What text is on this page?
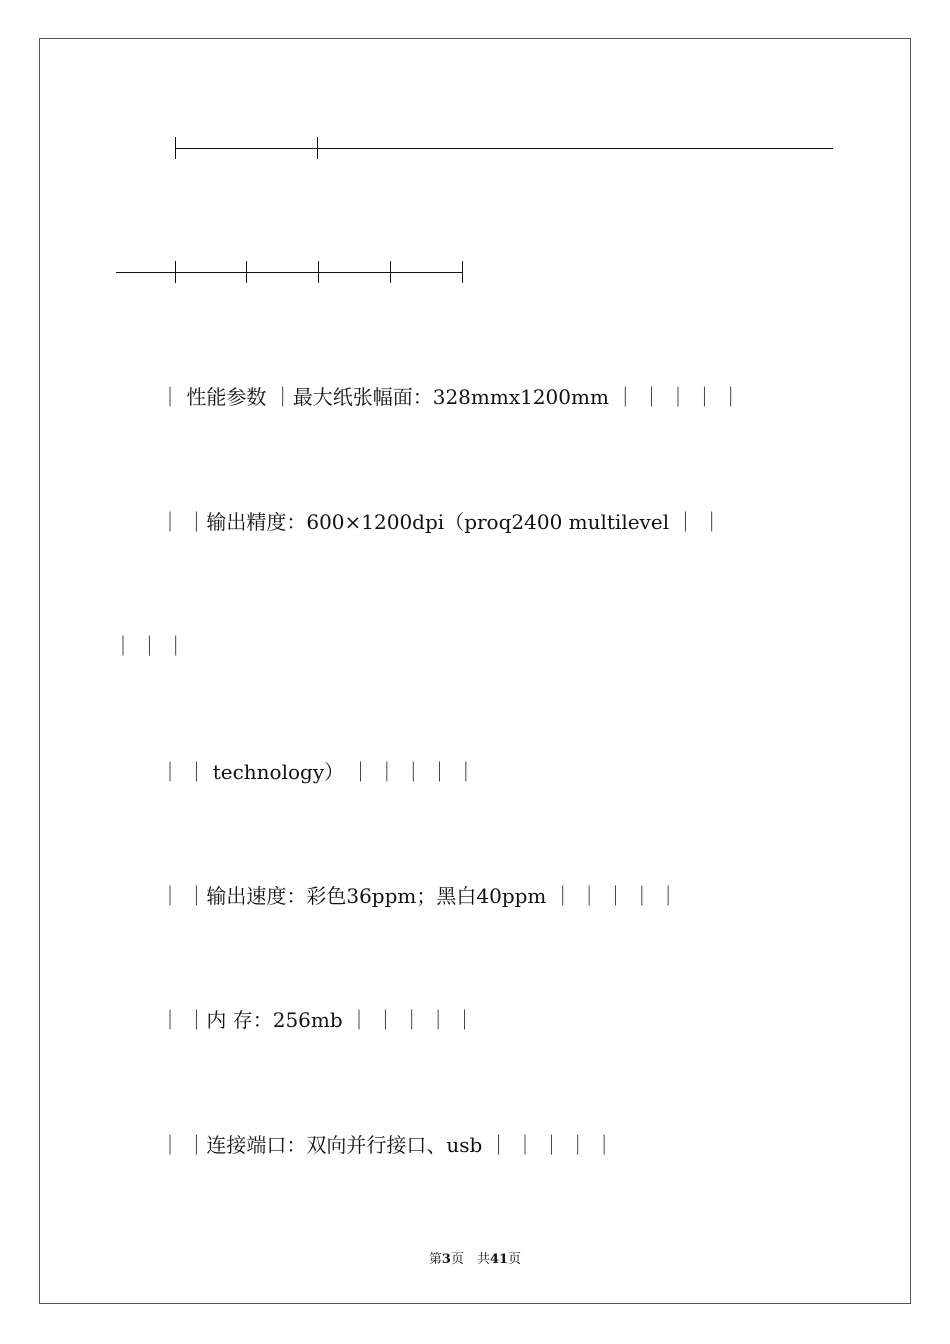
｜ 性能参数 ｜最大纸张幅面：328mmx1200mm ｜ ｜ ｜ ｜ ｜
｜ ｜输出精度：600×1200dpi（proq2400 multilevel ｜ ｜
｜ ｜ ｜
｜ ｜ technology） ｜ ｜ ｜ ｜ ｜
｜ ｜输出速度：彩色36ppm；黑白40ppm ｜ ｜ ｜ ｜ ｜
｜ ｜内 存：256mb ｜ ｜ ｜ ｜ ｜
｜ ｜连接端口：双向并行接口、usb ｜ ｜ ｜ ｜ ｜
第3页　共41页
